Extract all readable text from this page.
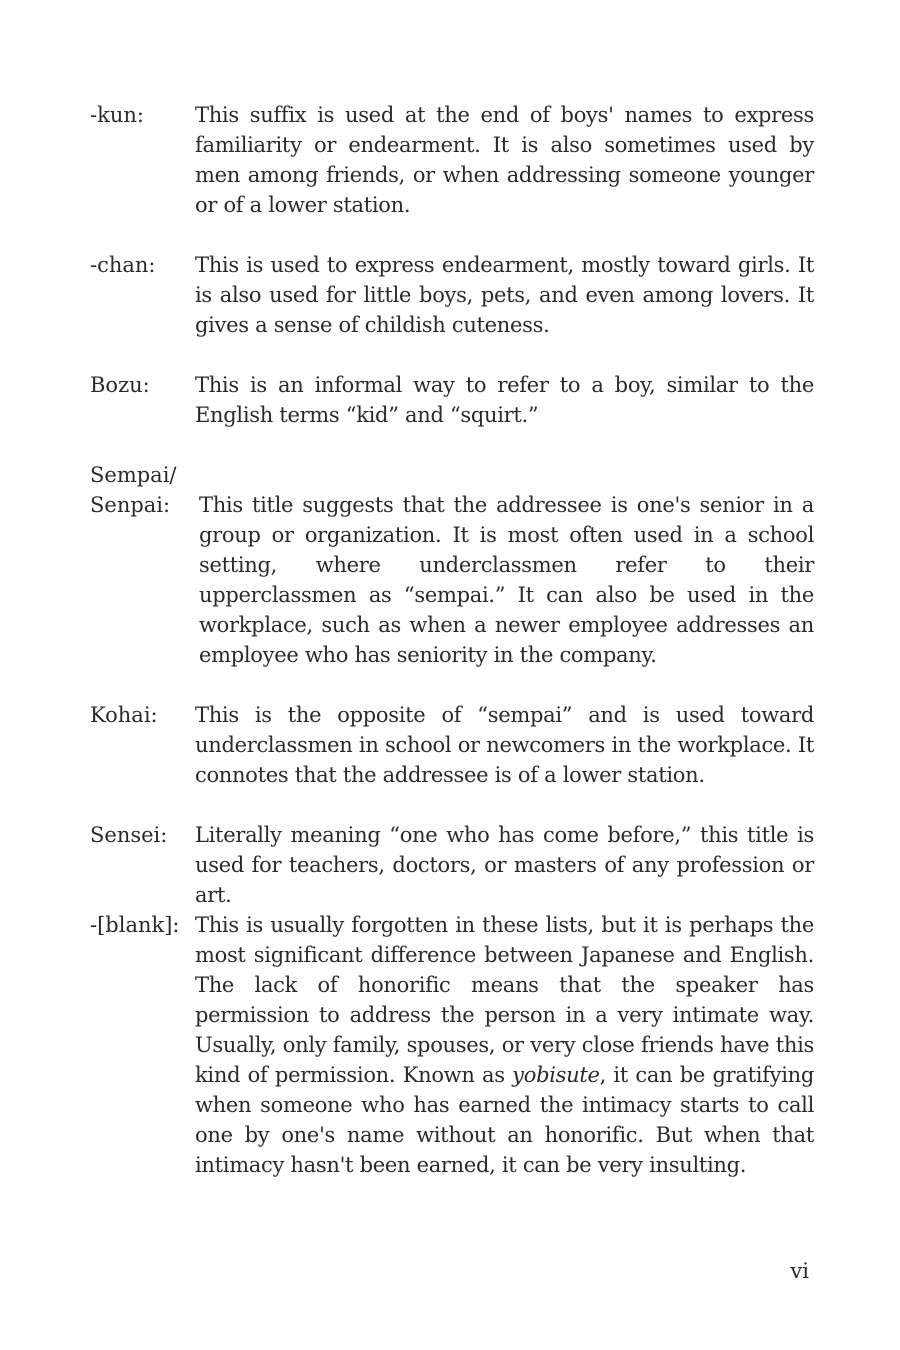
-kun: This suffix is used at the end of boys' names to express familiarity or endearment. It is also sometimes used by men among friends, or when addressing someone younger or of a lower station.
-chan: This is used to express endearment, mostly toward girls. It is also used for little boys, pets, and even among lovers. It gives a sense of childish cuteness.
Bozu: This is an informal way to refer to a boy, similar to the English terms “kid” and “squirt.”
Sempai/
Senpai:	This title suggests that the addressee is one's senior in a group or organization. It is most often used in a school setting, where underclassmen refer to their upperclassmen as “sempai.” It can also be used in the workplace, such as when a newer employee addresses an employee who has seniority in the company.
Kohai: This is the opposite of “sempai” and is used toward underclassmen in school or newcomers in the workplace. It connotes that the addressee is of a lower station.
Sensei: Literally meaning “one who has come before,” this title is used for teachers, doctors, or masters of any profession or art.
-[blank]: This is usually forgotten in these lists, but it is perhaps the most significant difference between Japanese and English. The lack of honorific means that the speaker has permission to address the person in a very intimate way. Usually, only family, spouses, or very close friends have this kind of permission. Known as yobisute, it can be gratifying when someone who has earned the intimacy starts to call one by one's name without an honorific. But when that intimacy hasn't been earned, it can be very insulting.
vi
